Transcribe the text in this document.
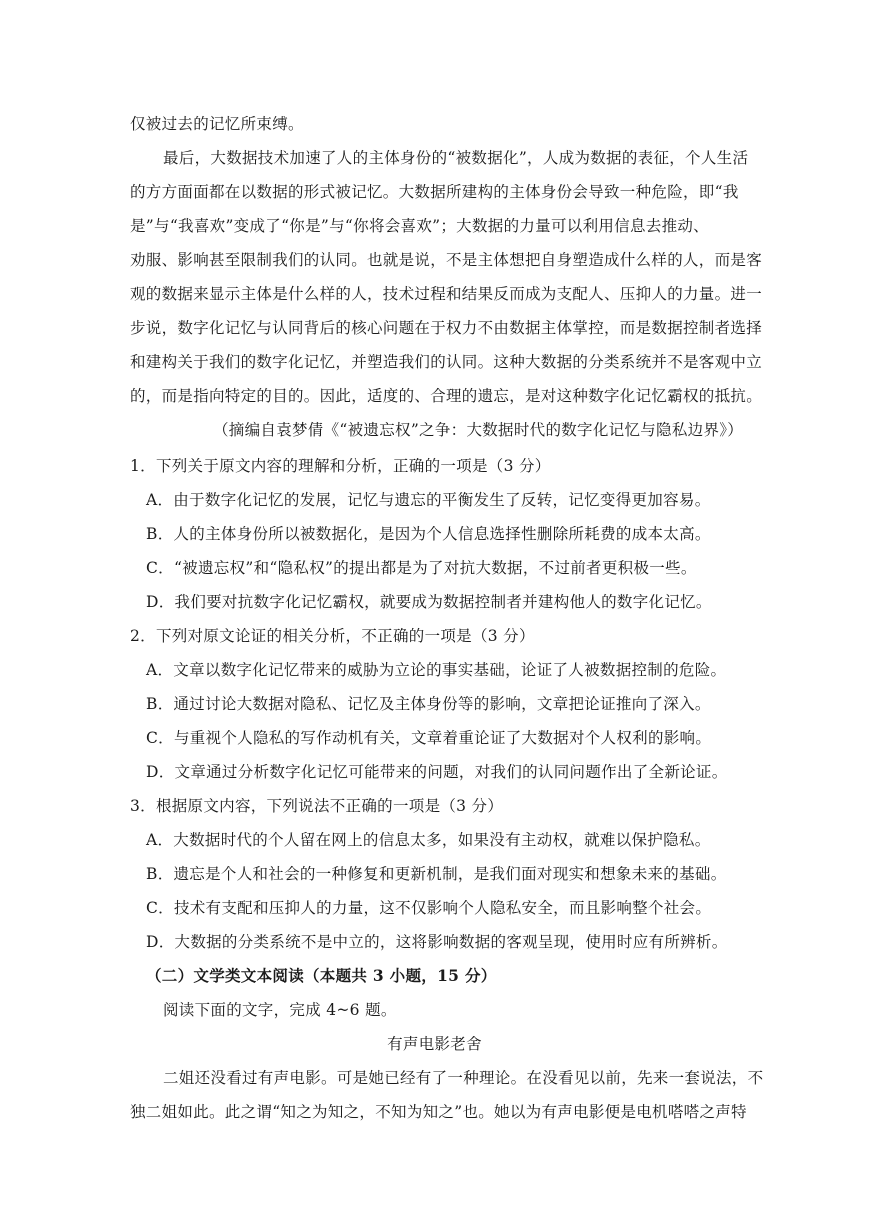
仅被过去的记忆所束缚。
最后，大数据技术加速了人的主体身份的“被数据化”，人成为数据的表征，个人生活
的方方面面都在以数据的形式被记忆。大数据所建构的主体身份会导致一种危险，即“我
是”与“我喜欢”变成了“你是”与“你将会喜欢”；大数据的力量可以利用信息去推动、
劝服、影响甚至限制我们的认同。也就是说，不是主体想把自身塑造成什么样的人，而是客
观的数据来显示主体是什么样的人，技术过程和结果反而成为支配人、压抑人的力量。进一
步说，数字化记忆与认同背后的核心问题在于权力不由数据主体掌控，而是数据控制者选择
和建构关于我们的数字化记忆，并塑造我们的认同。这种大数据的分类系统并不是客观中立
的，而是指向特定的目的。因此，适度的、合理的遗忘，是对这种数字化记忆霸权的抵抗。
（摘编自袁梦倩《“被遗忘权”之争：大数据时代的数字化记忆与隐私边界》）
1．下列关于原文内容的理解和分析，正确的一项是（3 分）
A．由于数字化记忆的发展，记忆与遗忘的平衡发生了反转，记忆变得更加容易。
B．人的主体身份所以被数据化，是因为个人信息选择性删除所耗费的成本太高。
C．“被遗忘权”和“隐私权”的提出都是为了对抗大数据，不过前者更积极一些。
D．我们要对抗数字化记忆霸权，就要成为数据控制者并建构他人的数字化记忆。
2．下列对原文论证的相关分析，不正确的一项是（3 分）
A．文章以数字化记忆带来的威胁为立论的事实基础，论证了人被数据控制的危险。
B．通过讨论大数据对隐私、记忆及主体身份等的影响，文章把论证推向了深入。
C．与重视个人隐私的写作动机有关，文章着重论证了大数据对个人权利的影响。
D．文章通过分析数字化记忆可能带来的问题，对我们的认同问题作出了全新论证。
3．根据原文内容，下列说法不正确的一项是（3 分）
A．大数据时代的个人留在网上的信息太多，如果没有主动权，就难以保护隐私。
B．遗忘是个人和社会的一种修复和更新机制，是我们面对现实和想象未来的基础。
C．技术有支配和压抑人的力量，这不仅影响个人隐私安全，而且影响整个社会。
D．大数据的分类系统不是中立的，这将影响数据的客观呈现，使用时应有所辨析。
（二）文学类文本阅读（本题共 3 小题，15 分）
阅读下面的文字，完成 4~6 题。
有声电影老舍
二姐还没看过有声电影。可是她已经有了一种理论。在没看见以前，先来一套说法，不
独二姐如此。此之谓“知之为知之，不知为知之”也。她以为有声电影便是电机嗒嗒之声特
